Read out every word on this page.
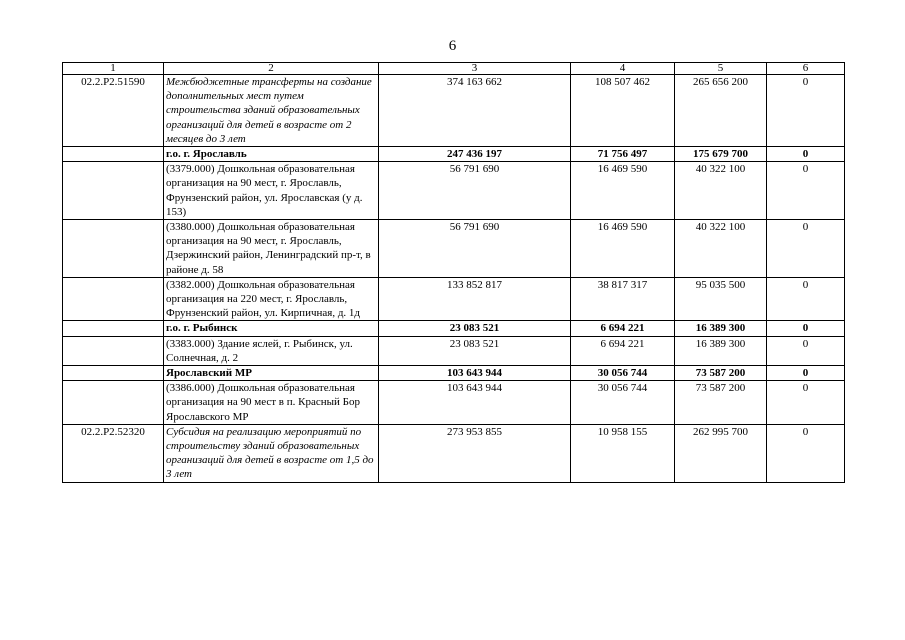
6
1	2	3	4	5	6
02.2.P2.51590	Межбюджетные трансферты на создание дополнительных мест путем строительства зданий образовательных организаций для детей в возрасте от 2 месяцев до 3 лет	374 163 662	108 507 462	265 656 200	0
	г.о. г. Ярославль	247 436 197	71 756 497	175 679 700	0
	(3379.000) Дошкольная образовательная организация на 90 мест, г. Ярославль, Фрунзенский район, ул. Ярославская (у д. 153)	56 791 690	16 469 590	40 322 100	0
	(3380.000) Дошкольная образовательная организация на 90 мест, г. Ярославль, Дзержинский район, Ленинградский пр-т, в районе д. 58	56 791 690	16 469 590	40 322 100	0
	(3382.000) Дошкольная образовательная организация на 220 мест, г. Ярославль, Фрунзенский район, ул. Кирпичная, д. 1д	133 852 817	38 817 317	95 035 500	0
	г.о. г. Рыбинск	23 083 521	6 694 221	16 389 300	0
	(3383.000) Здание яслей, г. Рыбинск, ул. Солнечная, д. 2	23 083 521	6 694 221	16 389 300	0
	Ярославский МР	103 643 944	30 056 744	73 587 200	0
	(3386.000) Дошкольная образовательная организация на 90 мест в п. Красный Бор Ярославского МР	103 643 944	30 056 744	73 587 200	0
02.2.P2.52320	Субсидия на реализацию мероприятий по строительству зданий образовательных организаций для детей в возрасте от 1,5 до 3 лет	273 953 855	10 958 155	262 995 700	0
